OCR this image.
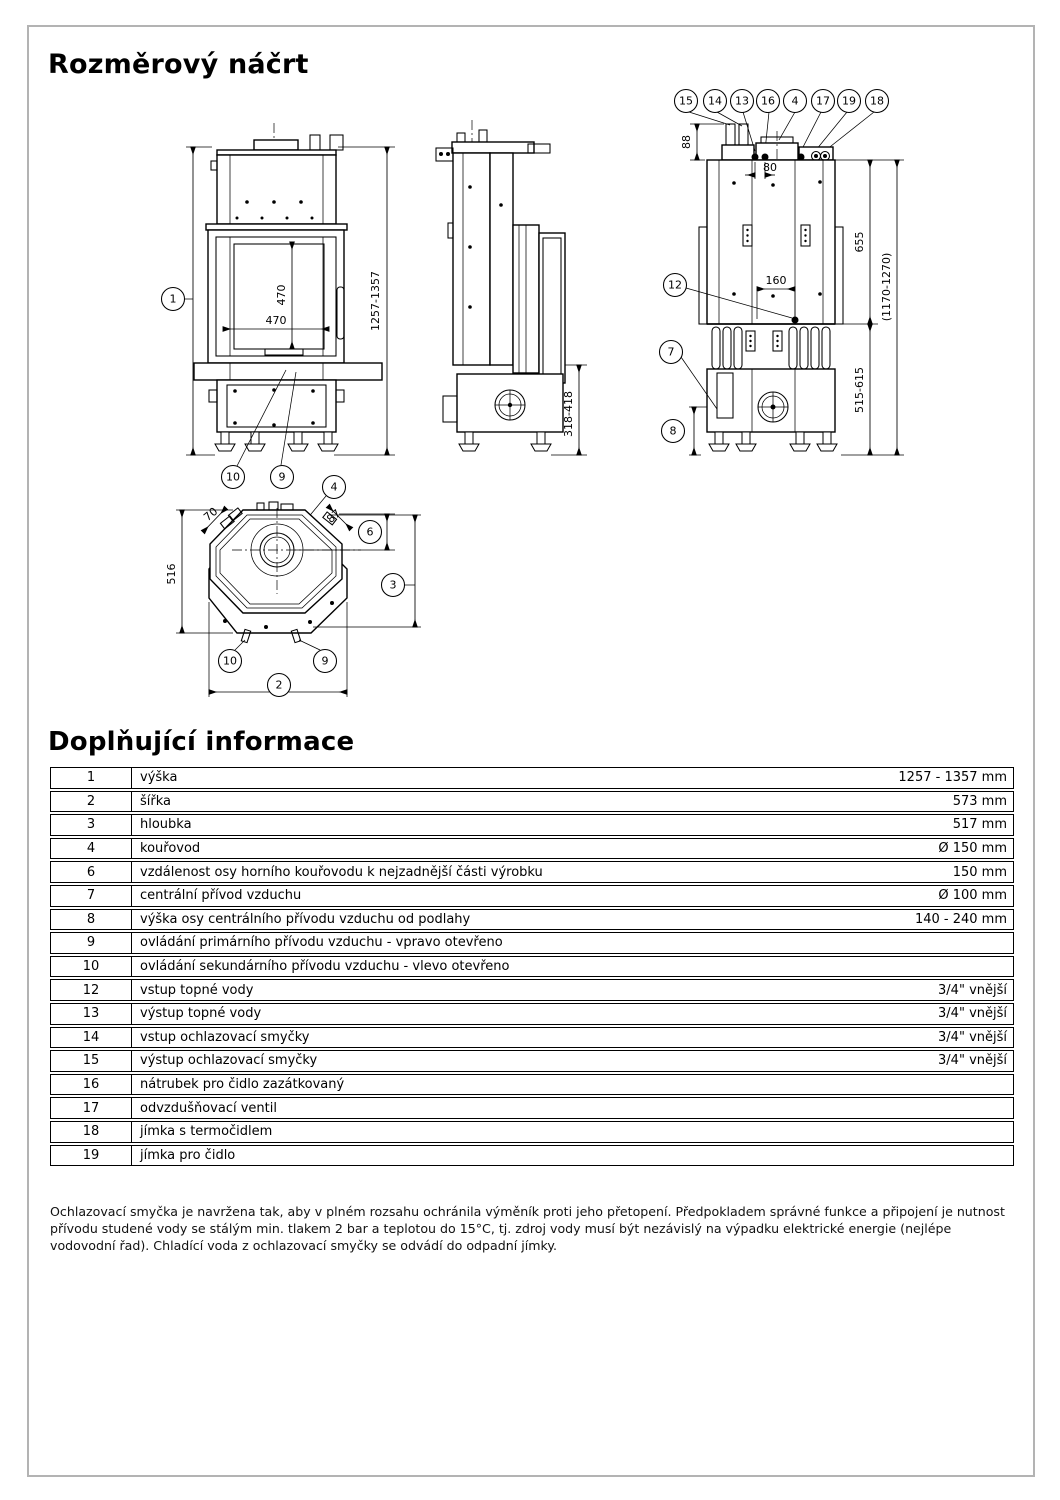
Rozměrový náčrt
1	1257-1357
470
470
10	9
4
318-418
15 14 13 16 4 17 19 18
88
80
160
12
7
8
655
515-615
(1170-1270)
70	87
516
6
3
10	9
2
Doplňující informace
1	výška	1257 - 1357 mm
2	šířka	573 mm
3	hloubka	517 mm
4	kouřovod	Ø 150 mm
6	vzdálenost osy horního kouřovodu k nejzadnější části výrobku	150 mm
7	centrální přívod vzduchu	Ø 100 mm
8	výška osy centrálního přívodu vzduchu od podlahy	140 - 240 mm
9	ovládání primárního přívodu vzduchu - vpravo otevřeno
10	ovládání sekundárního přívodu vzduchu - vlevo otevřeno
12	vstup topné vody	3/4" vnější
13	výstup topné vody	3/4" vnější
14	vstup ochlazovací smyčky	3/4" vnější
15	výstup ochlazovací smyčky	3/4" vnější
16	nátrubek pro čidlo zazátkovaný
17	odvzdušňovací ventil
18	jímka s termočidlem
19	jímka pro čidlo

Ochlazovací smyčka je navržena tak, aby v plném rozsahu ochránila výměník proti jeho přetopení. Předpokladem správné funkce a připojení je nutnost přívodu studené vody se stálým min. tlakem 2 bar a teplotou do 15°C, tj. zdroj vody musí být nezávislý na výpadku elektrické energie (nejlépe vodovodní řad). Chladící voda z ochlazovací smyčky se odvádí do odpadní jímky.
